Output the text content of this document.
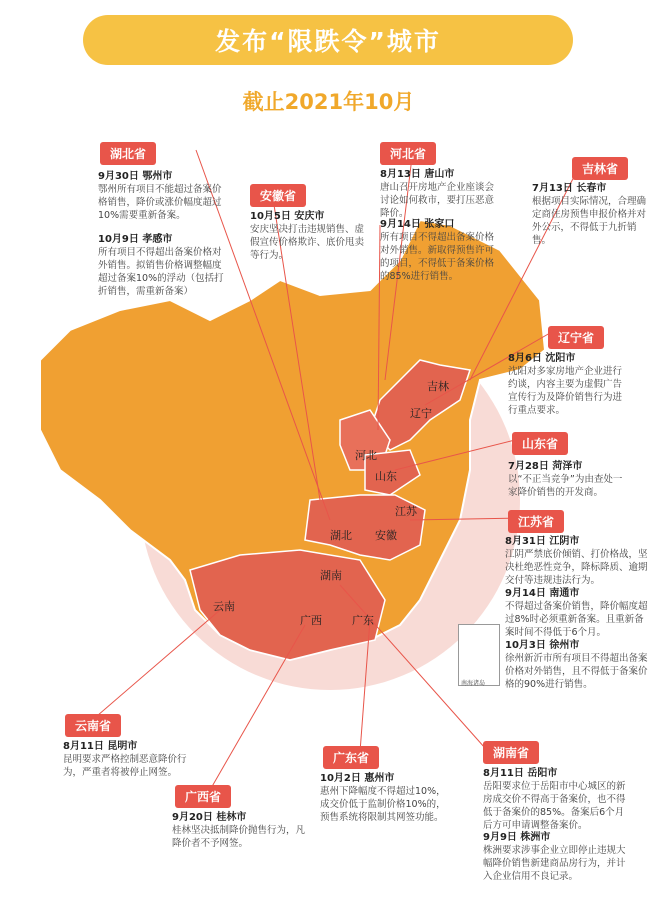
发布“限跌令”城市
截止2021年10月
吉林
辽宁
河北
山东
江苏
安徽
湖北
湖南
云南
广西	广东
南海诸岛
湖北省
9月30日 鄂州市
鄂州所有项目不能超过备案价格销售，降价或涨价幅度超过10%需要重新备案。
10月9日 孝感市
所有项目不得超出备案价格对外销售。拟销售价格调整幅度超过备案10%的浮动（包括打折销售，需重新备案）
安徽省
10月5日 安庆市
安庆坚决打击违规销售、虚假宣传价格欺诈、底价甩卖等行为。
河北省
8月13日 唐山市
唐山召开房地产企业座谈会讨论如何救市，要打压恶意降价。
9月14日 张家口
所有项目不得超出备案价格对外销售。新取得预售许可的项目，不得低于备案价格的85%进行销售。
吉林省
7月13日 长春市
根据项目实际情况，合理确定商住房预售申报价格并对外公示，不得低于九折销售。
辽宁省
8月6日 沈阳市
沈阳对多家房地产企业进行约谈，内容主要为虚假广告宣传行为及降价销售行为进行重点要求。
山东省
7月28日 菏泽市
以“不正当竞争”为由查处一家降价销售的开发商。
江苏省
8月31日 江阴市
江阴严禁底价倾销、打价格战，坚决杜绝恶性竞争，降标降质、逾期交付等违规违法行为。
9月14日 南通市
不得超过备案价销售，降价幅度超过8%时必须重新备案。且重新备案时间不得低于6个月。
10月3日 徐州市
徐州新沂市所有项目不得超出备案价格对外销售，且不得低于备案价格的90%进行销售。
云南省
8月11日 昆明市
昆明要求严格控制恶意降价行为，严重者将被停止网签。
广西省
9月20日 桂林市
桂林坚决抵制降价抛售行为，凡降价者不予网签。
广东省
10月2日 惠州市
惠州下降幅度不得超过10%，成交价低于监制价格10%的，预售系统将限制其网签功能。
湖南省
8月11日 岳阳市
岳阳要求位于岳阳市中心城区的新房成交价不得高于备案价，也不得低于备案价的85%。备案后6个月后方可申请调整备案价。
9月9日 株洲市
株洲要求涉事企业立即停止违规大幅降价销售新建商品房行为，并计入企业信用不良记录。
